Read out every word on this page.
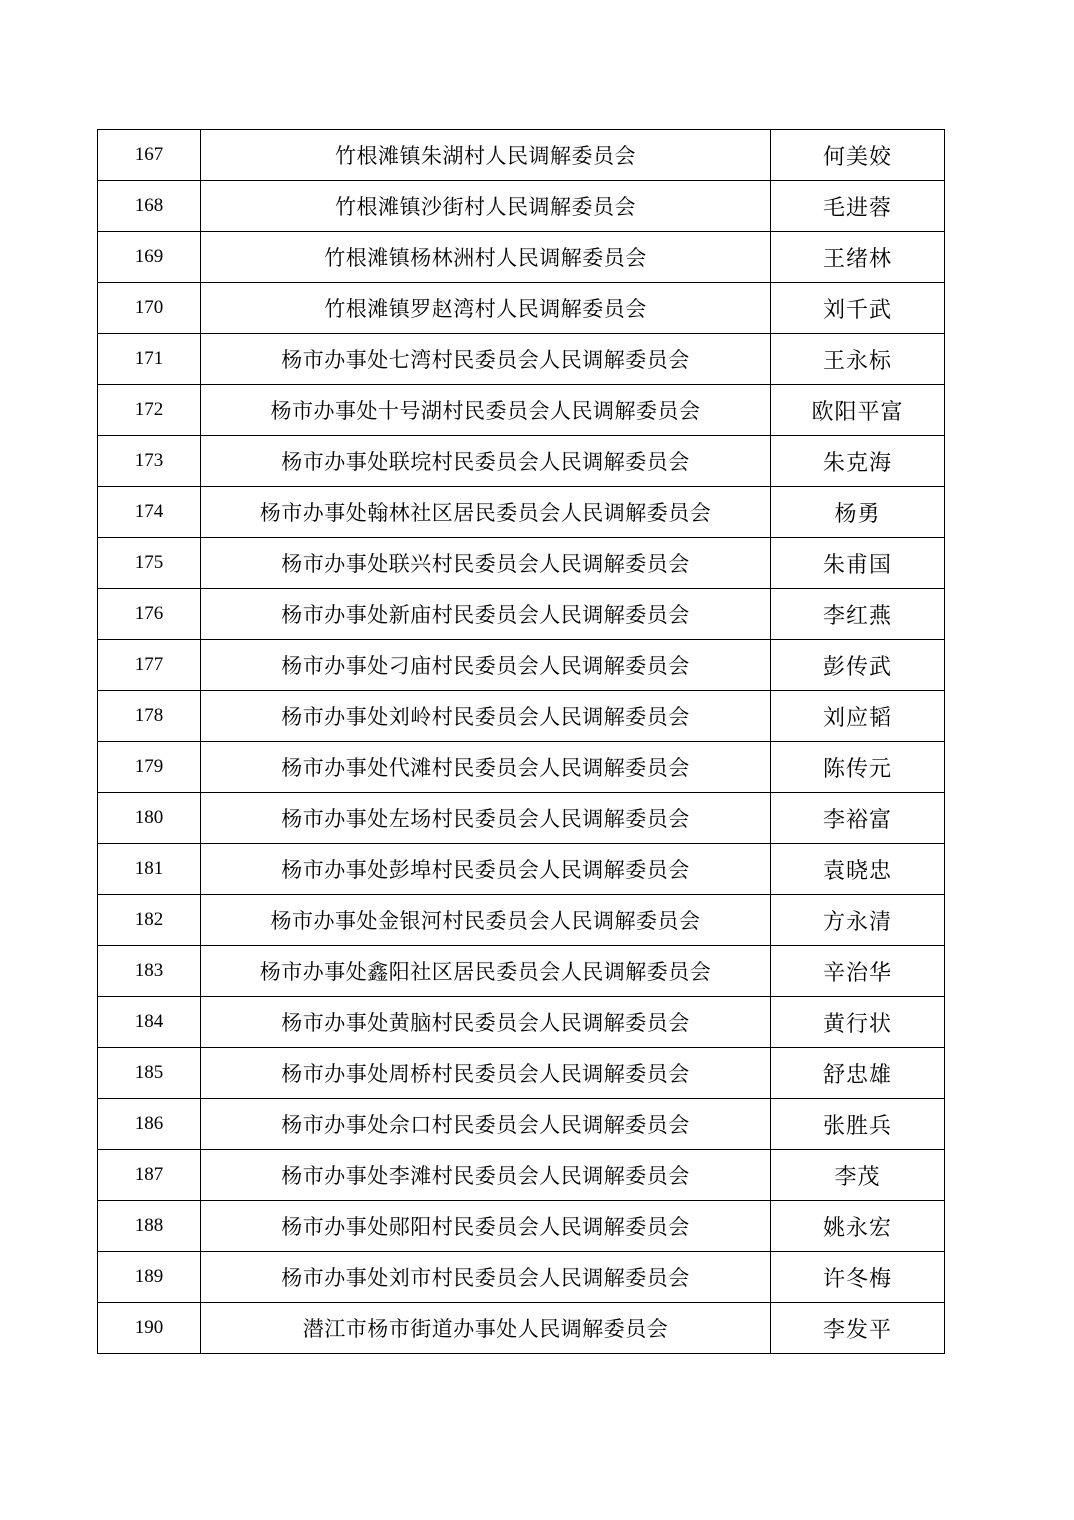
167	竹根滩镇朱湖村人民调解委员会	何美姣
168	竹根滩镇沙街村人民调解委员会	毛进蓉
169	竹根滩镇杨林洲村人民调解委员会	王绪林
170	竹根滩镇罗赵湾村人民调解委员会	刘千武
171	杨市办事处七湾村民委员会人民调解委员会	王永标
172	杨市办事处十号湖村民委员会人民调解委员会	欧阳平富
173	杨市办事处联垸村民委员会人民调解委员会	朱克海
174	杨市办事处翰林社区居民委员会人民调解委员会	杨勇
175	杨市办事处联兴村民委员会人民调解委员会	朱甫国
176	杨市办事处新庙村民委员会人民调解委员会	李红燕
177	杨市办事处刁庙村民委员会人民调解委员会	彭传武
178	杨市办事处刘岭村民委员会人民调解委员会	刘应韬
179	杨市办事处代滩村民委员会人民调解委员会	陈传元
180	杨市办事处左场村民委员会人民调解委员会	李裕富
181	杨市办事处彭埠村民委员会人民调解委员会	袁晓忠
182	杨市办事处金银河村民委员会人民调解委员会	方永清
183	杨市办事处鑫阳社区居民委员会人民调解委员会	辛治华
184	杨市办事处黄脑村民委员会人民调解委员会	黄行状
185	杨市办事处周桥村民委员会人民调解委员会	舒忠雄
186	杨市办事处佘口村民委员会人民调解委员会	张胜兵
187	杨市办事处李滩村民委员会人民调解委员会	李茂
188	杨市办事处郧阳村民委员会人民调解委员会	姚永宏
189	杨市办事处刘市村民委员会人民调解委员会	许冬梅
190	潜江市杨市街道办事处人民调解委员会	李发平
